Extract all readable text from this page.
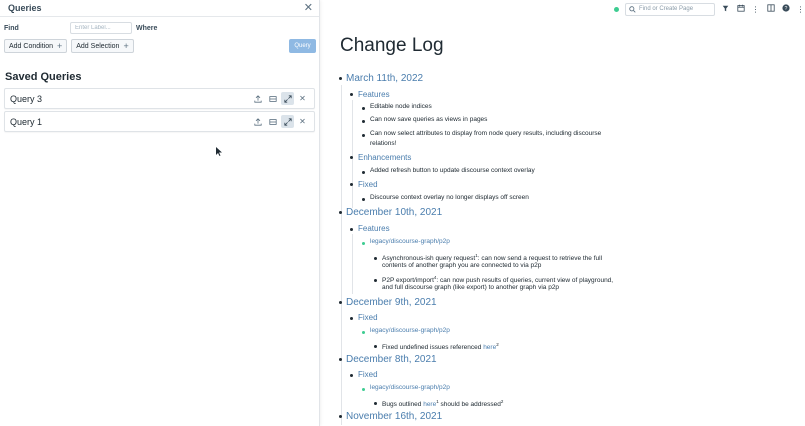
Queries	✕
Find
Enter Label...	Where
Add Condition + Add Selection +	Query
Saved Queries
Query 3	✕
Query 1	✕
Find or Create Page	⋮	? ⋮
Change Log
March 11th, 2022
Features
Editable node indices
Can now save queries as views in pages
Can now select attributes to display from node query results, including discourse
relations!
Enhancements
Added refresh button to update discourse context overlay
Fixed
Discourse context overlay no longer displays off screen
December 10th, 2021
Features
legacy/discourse-graph/p2p
Asynchronous-ish query request$^1$: can now send a request to retrieve the full
contents of another graph you are connected to via p2p
P2P export/import$^4$: can now push results of queries, current view of playground,
and full discourse graph (like export) to another graph via p2p
December 9th, 2021
Fixed
legacy/discourse-graph/p2p
Fixed undefined issues referenced here$^2$
December 8th, 2021
Fixed
legacy/discourse-graph/p2p
Bugs outlined here$^1$ should be addressed$^2$
November 16th, 2021
